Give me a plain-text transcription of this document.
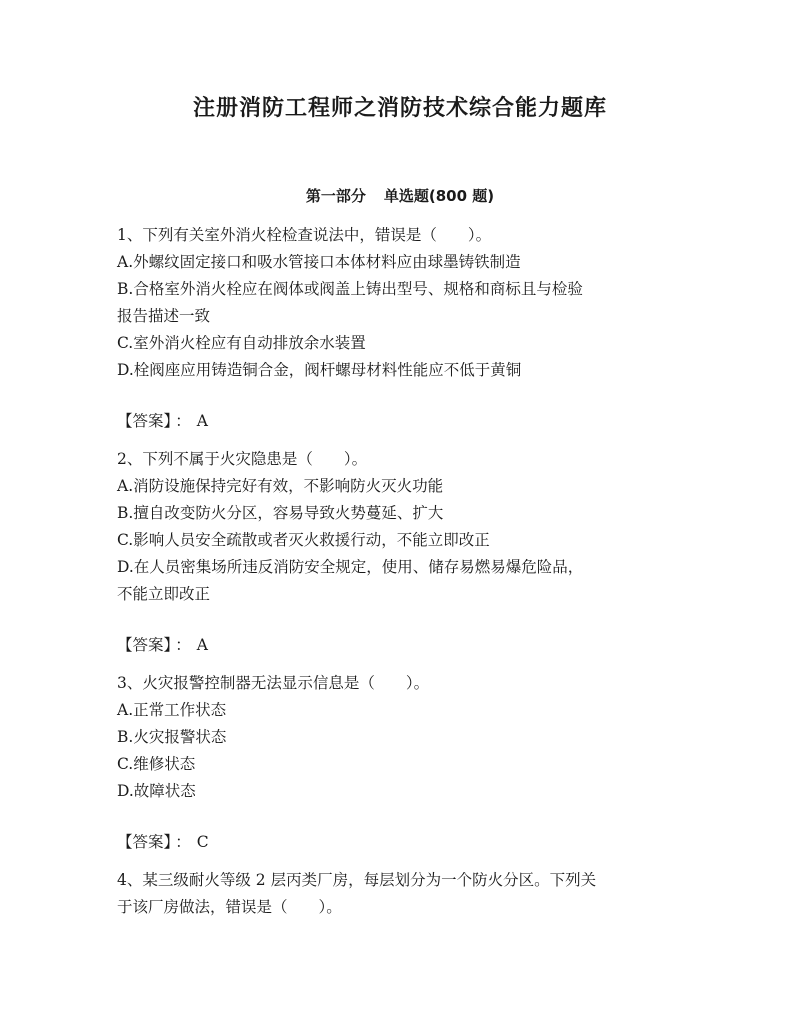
注册消防工程师之消防技术综合能力题库
第一部分 单选题(800 题)

1、下列有关室外消火栓检查说法中，错误是（　　）。

A.外螺纹固定接口和吸水管接口本体材料应由球墨铸铁制造

B.合格室外消火栓应在阀体或阀盖上铸出型号、规格和商标且与检验

报告描述一致

C.室外消火栓应有自动排放余水装置

D.栓阀座应用铸造铜合金，阀杆螺母材料性能应不低于黄铜

【答案】 ： A

2、下列不属于火灾隐患是（　　）。

A.消防设施保持完好有效，不影响防火灭火功能

B.擅自改变防火分区，容易导致火势蔓延、扩大

C.影响人员安全疏散或者灭火救援行动，不能立即改正

D.在人员密集场所违反消防安全规定，使用、储存易燃易爆危险品，

不能立即改正

【答案】 ： A

3、火灾报警控制器无法显示信息是（　　）。

A.正常工作状态

B.火灾报警状态

C.维修状态

D.故障状态

【答案】 ： C

4、某三级耐火等级 2 层丙类厂房，每层划分为一个防火分区。下列关

于该厂房做法，错误是（　　）。
